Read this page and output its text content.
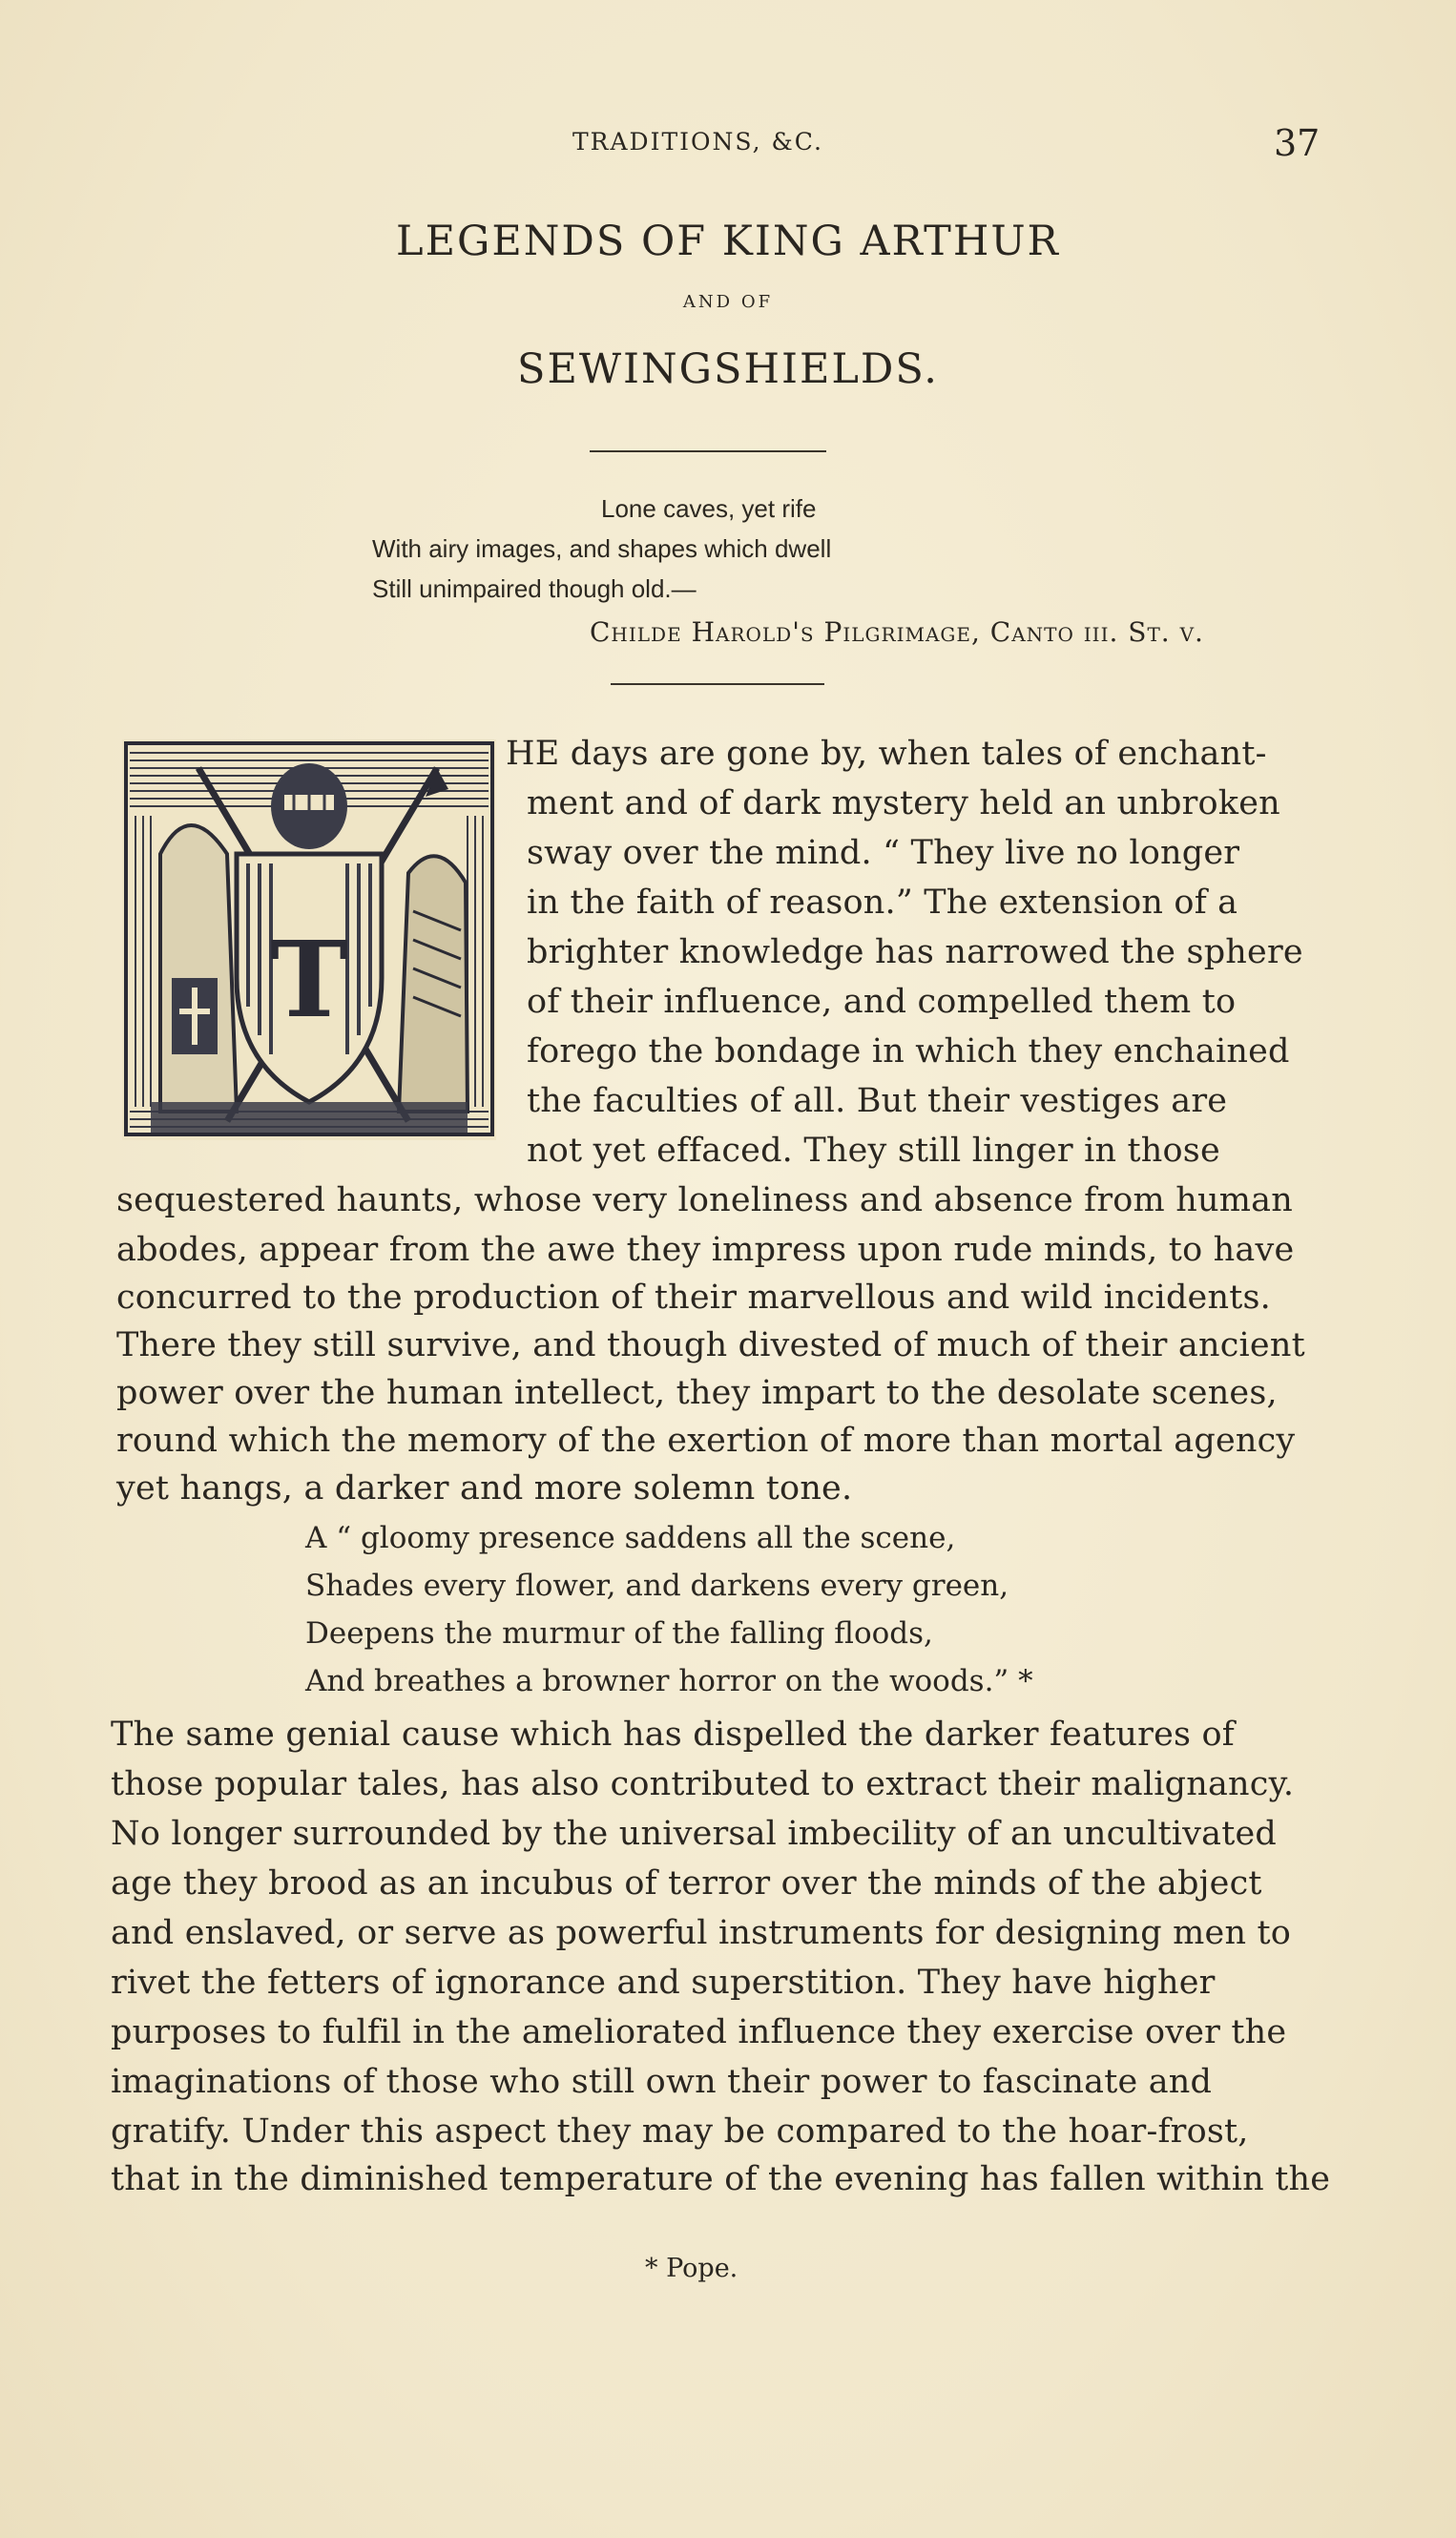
TRADITIONS, &C.	37
LEGENDS OF KING ARTHUR
AND OF
SEWINGSHIELDS.
Lone caves, yet rife
With airy images, and shapes which dwell
Still unimpaired though old.—
Childe Harold's Pilgrimage, Canto iii. St. v.
T
HE days are gone by, when tales of enchant-
ment and of dark mystery held an unbroken
sway over the mind. “ They live no longer
in the faith of reason.” The extension of a
brighter knowledge has narrowed the sphere
of their influence, and compelled them to
forego the bondage in which they enchained
the faculties of all. But their vestiges are
not yet effaced. They still linger in those
sequestered haunts, whose very loneliness and absence from human
abodes, appear from the awe they impress upon rude minds, to have
concurred to the production of their marvellous and wild incidents.
There they still survive, and though divested of much of their ancient
power over the human intellect, they impart to the desolate scenes,
round which the memory of the exertion of more than mortal agency
yet hangs, a darker and more solemn tone.
A “ gloomy presence saddens all the scene,
Shades every flower, and darkens every green,
Deepens the murmur of the falling floods,
And breathes a browner horror on the woods.” *
The same genial cause which has dispelled the darker features of
those popular tales, has also contributed to extract their malignancy.
No longer surrounded by the universal imbecility of an uncultivated
age they brood as an incubus of terror over the minds of the abject
and enslaved, or serve as powerful instruments for designing men to
rivet the fetters of ignorance and superstition. They have higher
purposes to fulfil in the ameliorated influence they exercise over the
imaginations of those who still own their power to fascinate and
gratify. Under this aspect they may be compared to the hoar-frost,
that in the diminished temperature of the evening has fallen within the
* Pope.
